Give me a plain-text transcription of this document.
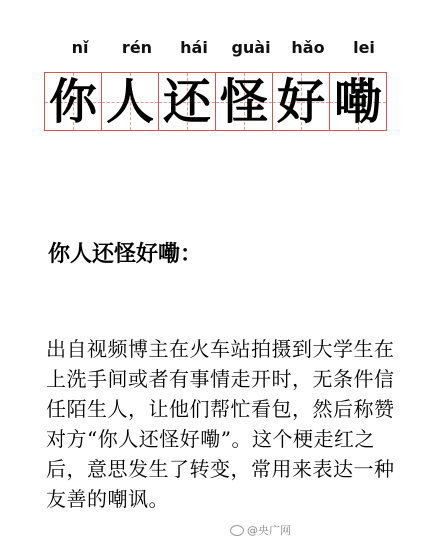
nǐ	rén	hái	guài	hǎo	lei
你 人 还 怪 好 嘞
你人还怪好嘞：
出自视频博主在火车站拍摄到大学生在上洗手间或者有事情走开时，无条件信任陌生人，让他们帮忙看包，然后称赞对方“你人还怪好嘞”。这个梗走红之后，意思发生了转变，常用来表达一种友善的嘲讽。
@央广网
